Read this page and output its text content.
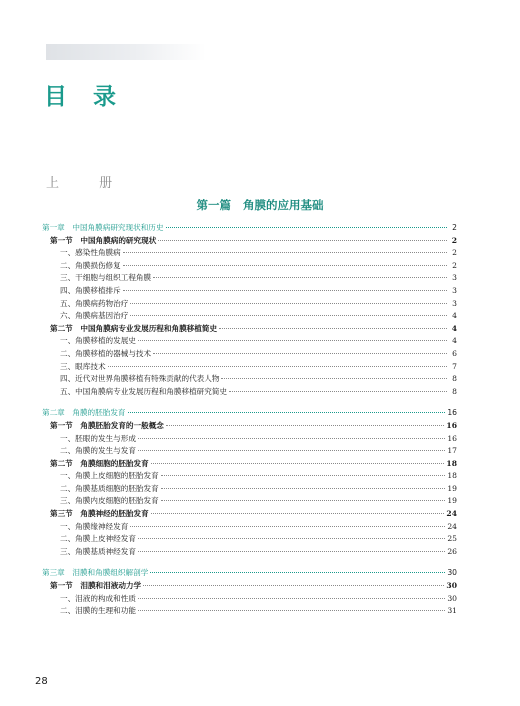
目 录
上 册
第一篇 角膜的应用基础
第一章　中国角膜病研究现状和历史	2
第一节　中国角膜病的研究现状	2
一、感染性角膜病	2
二、角膜损伤修复	2
三、干细胞与组织工程角膜	3
四、角膜移植排斥	3
五、角膜病药物治疗	3
六、角膜病基因治疗	4
第二节　中国角膜病专业发展历程和角膜移植简史	4
一、角膜移植的发展史	4
二、角膜移植的器械与技术	6
三、眼库技术	7
四、近代对世界角膜移植有特殊贡献的代表人物	8
五、中国角膜病专业发展历程和角膜移植研究简史	8
第二章　角膜的胚胎发育	16
第一节　角膜胚胎发育的一般概念	16
一、胚眼的发生与形成	16
二、角膜的发生与发育	17
第二节　角膜细胞的胚胎发育	18
一、角膜上皮细胞的胚胎发育	18
二、角膜基质细胞的胚胎发育	19
三、角膜内皮细胞的胚胎发育	19
第三节　角膜神经的胚胎发育	24
一、角膜缘神经发育	24
二、角膜上皮神经发育	25
三、角膜基质神经发育	26
第三章　泪膜和角膜组织解剖学	30
第一节　泪膜和泪液动力学	30
一、泪液的构成和性质	30
二、泪膜的生理和功能	31
28
